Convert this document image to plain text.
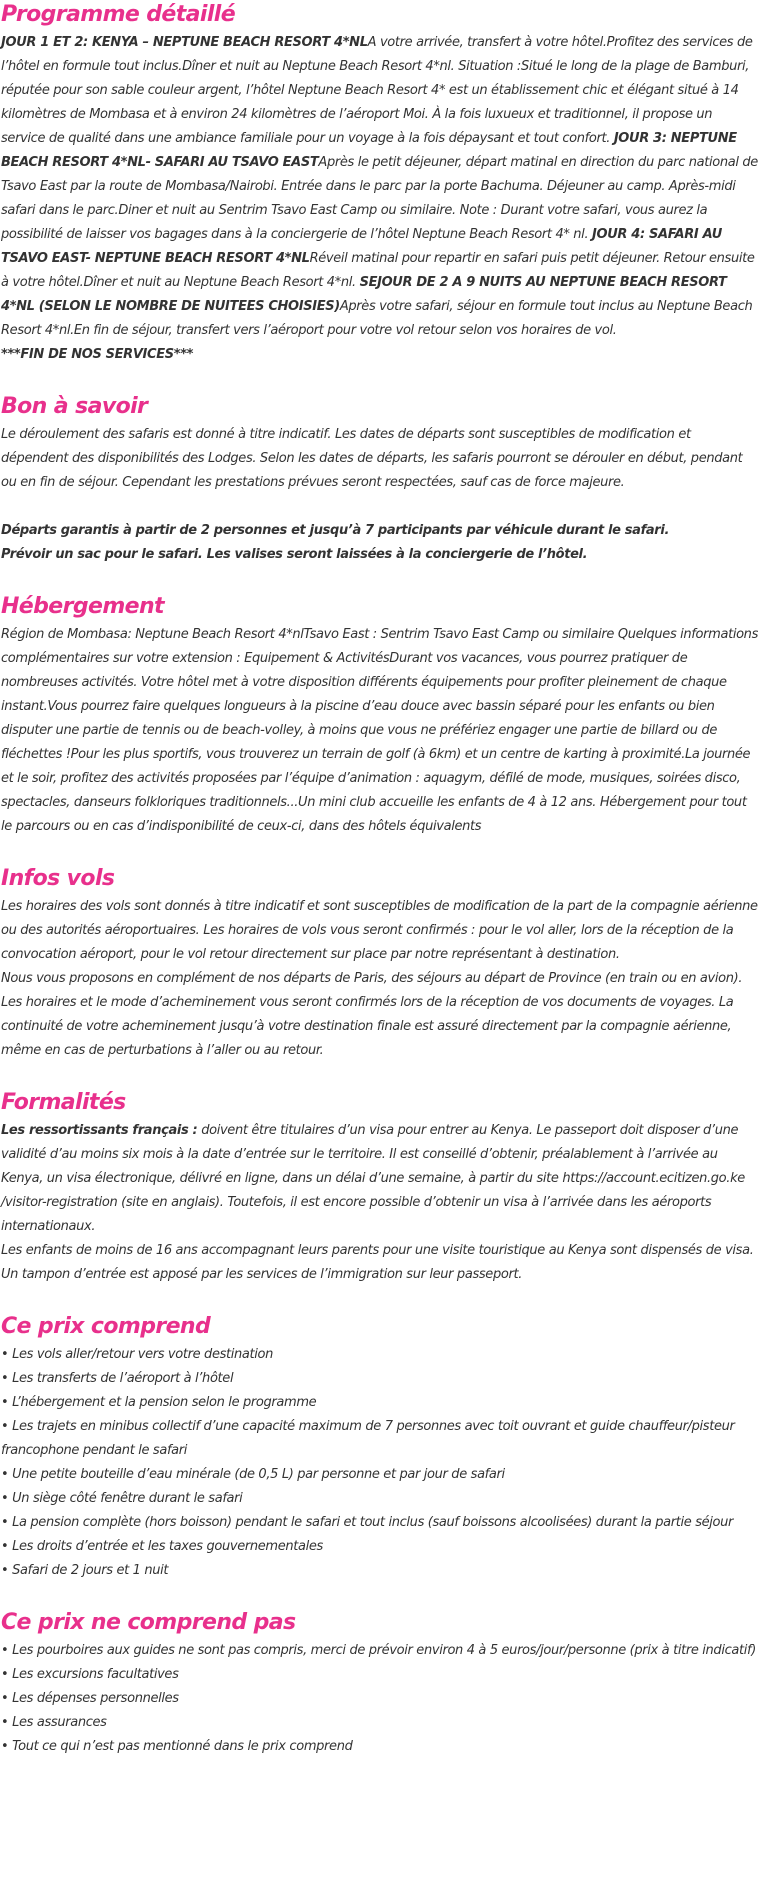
Programme détaillé

JOUR 1 ET 2: KENYA – NEPTUNE BEACH RESORT 4*NLA votre arrivée, transfert à votre hôtel.Profitez des services de l’hôtel en formule tout inclus.Dîner et nuit au Neptune Beach Resort 4*nl. Situation :Situé le long de la plage de Bamburi, réputée pour son sable couleur argent, l’hôtel Neptune Beach Resort 4* est un établissement chic et élégant situé à 14 kilomètres de Mombasa et à environ 24 kilomètres de l’aéroport Moi. À la fois luxueux et traditionnel, il propose un service de qualité dans une ambiance familiale pour un voyage à la fois dépaysant et tout confort. JOUR 3: NEPTUNE BEACH RESORT 4*NL- SAFARI AU TSAVO EASTAprès le petit déjeuner, départ matinal en direction du parc national de Tsavo East par la route de Mombasa/Nairobi. Entrée dans le parc par la porte Bachuma. Déjeuner au camp. Après-midi safari dans le parc.Diner et nuit au Sentrim Tsavo East Camp ou similaire. Note : Durant votre safari, vous aurez la possibilité de laisser vos bagages dans à la conciergerie de l’hôtel Neptune Beach Resort 4* nl. JOUR 4: SAFARI AU TSAVO EAST- NEPTUNE BEACH RESORT 4*NLRéveil matinal pour repartir en safari puis petit déjeuner. Retour ensuite à votre hôtel.Dîner et nuit au Neptune Beach Resort 4*nl. SEJOUR DE 2 A 9 NUITS AU NEPTUNE BEACH RESORT 4*NL (SELON LE NOMBRE DE NUITEES CHOISIES)Après votre safari, séjour en formule tout inclus au Neptune Beach Resort 4*nl.En fin de séjour, transfert vers l’aéroport pour votre vol retour selon vos horaires de vol.
***FIN DE NOS SERVICES***

Bon à savoir

Le déroulement des safaris est donné à titre indicatif. Les dates de départs sont susceptibles de modification et dépendent des disponibilités des Lodges. Selon les dates de départs, les safaris pourront se dérouler en début, pendant ou en fin de séjour. Cependant les prestations prévues seront respectées, sauf cas de force majeure.

Départs garantis à partir de 2 personnes et jusqu’à 7 participants par véhicule durant le safari.

Prévoir un sac pour le safari. Les valises seront laissées à la conciergerie de l’hôtel.

Hébergement

Région de Mombasa: Neptune Beach Resort 4*nlTsavo East : Sentrim Tsavo East Camp ou similaire Quelques informations complémentaires sur votre extension : Equipement & ActivitésDurant vos vacances, vous pourrez pratiquer de nombreuses activités. Votre hôtel met à votre disposition différents équipements pour profiter pleinement de chaque instant.Vous pourrez faire quelques longueurs à la piscine d’eau douce avec bassin séparé pour les enfants ou bien disputer une partie de tennis ou de beach-volley, à moins que vous ne préfériez engager une partie de billard ou de fléchettes !Pour les plus sportifs, vous trouverez un terrain de golf (à 6km) et un centre de karting à proximité.La journée et le soir, profitez des activités proposées par l’équipe d’animation : aquagym, défilé de mode, musiques, soirées disco, spectacles, danseurs folkloriques traditionnels...Un mini club accueille les enfants de 4 à 12 ans. Hébergement pour tout le parcours ou en cas d’indisponibilité de ceux-ci, dans des hôtels équivalents

Infos vols

Les horaires des vols sont donnés à titre indicatif et sont susceptibles de modification de la part de la compagnie aérienne ou des autorités aéroportuaires. Les horaires de vols vous seront confirmés : pour le vol aller, lors de la réception de la convocation aéroport, pour le vol retour directement sur place par notre représentant à destination.

Nous vous proposons en complément de nos départs de Paris, des séjours au départ de Province (en train ou en avion). Les horaires et le mode d’acheminement vous seront confirmés lors de la réception de vos documents de voyages. La continuité de votre acheminement jusqu’à votre destination finale est assuré directement par la compagnie aérienne, même en cas de perturbations à l’aller ou au retour.

Formalités

Les ressortissants français : doivent être titulaires d’un visa pour entrer au Kenya. Le passeport doit disposer d’une validité d’au moins six mois à la date d’entrée sur le territoire. Il est conseillé d’obtenir, préalablement à l’arrivée au Kenya, un visa électronique, délivré en ligne, dans un délai d’une semaine, à partir du site https://account.ecitizen.go.ke /visitor-registration (site en anglais). Toutefois, il est encore possible d’obtenir un visa à l’arrivée dans les aéroports internationaux.

Les enfants de moins de 16 ans accompagnant leurs parents pour une visite touristique au Kenya sont dispensés de visa. Un tampon d’entrée est apposé par les services de l’immigration sur leur passeport.

Ce prix comprend
• Les vols aller/retour vers votre destination
• Les transferts de l’aéroport à l’hôtel
• L’hébergement et la pension selon le programme
• Les trajets en minibus collectif d’une capacité maximum de 7 personnes avec toit ouvrant et guide chauffeur/pisteur francophone pendant le safari
• Une petite bouteille d’eau minérale (de 0,5 L) par personne et par jour de safari
• Un siège côté fenêtre durant le safari
• La pension complète (hors boisson) pendant le safari et tout inclus (sauf boissons alcoolisées) durant la partie séjour
• Les droits d’entrée et les taxes gouvernementales
• Safari de 2 jours et 1 nuit
Ce prix ne comprend pas
• Les pourboires aux guides ne sont pas compris, merci de prévoir environ 4 à 5 euros/jour/personne (prix à titre indicatif)
• Les excursions facultatives
• Les dépenses personnelles
• Les assurances
• Tout ce qui n’est pas mentionné dans le prix comprend
